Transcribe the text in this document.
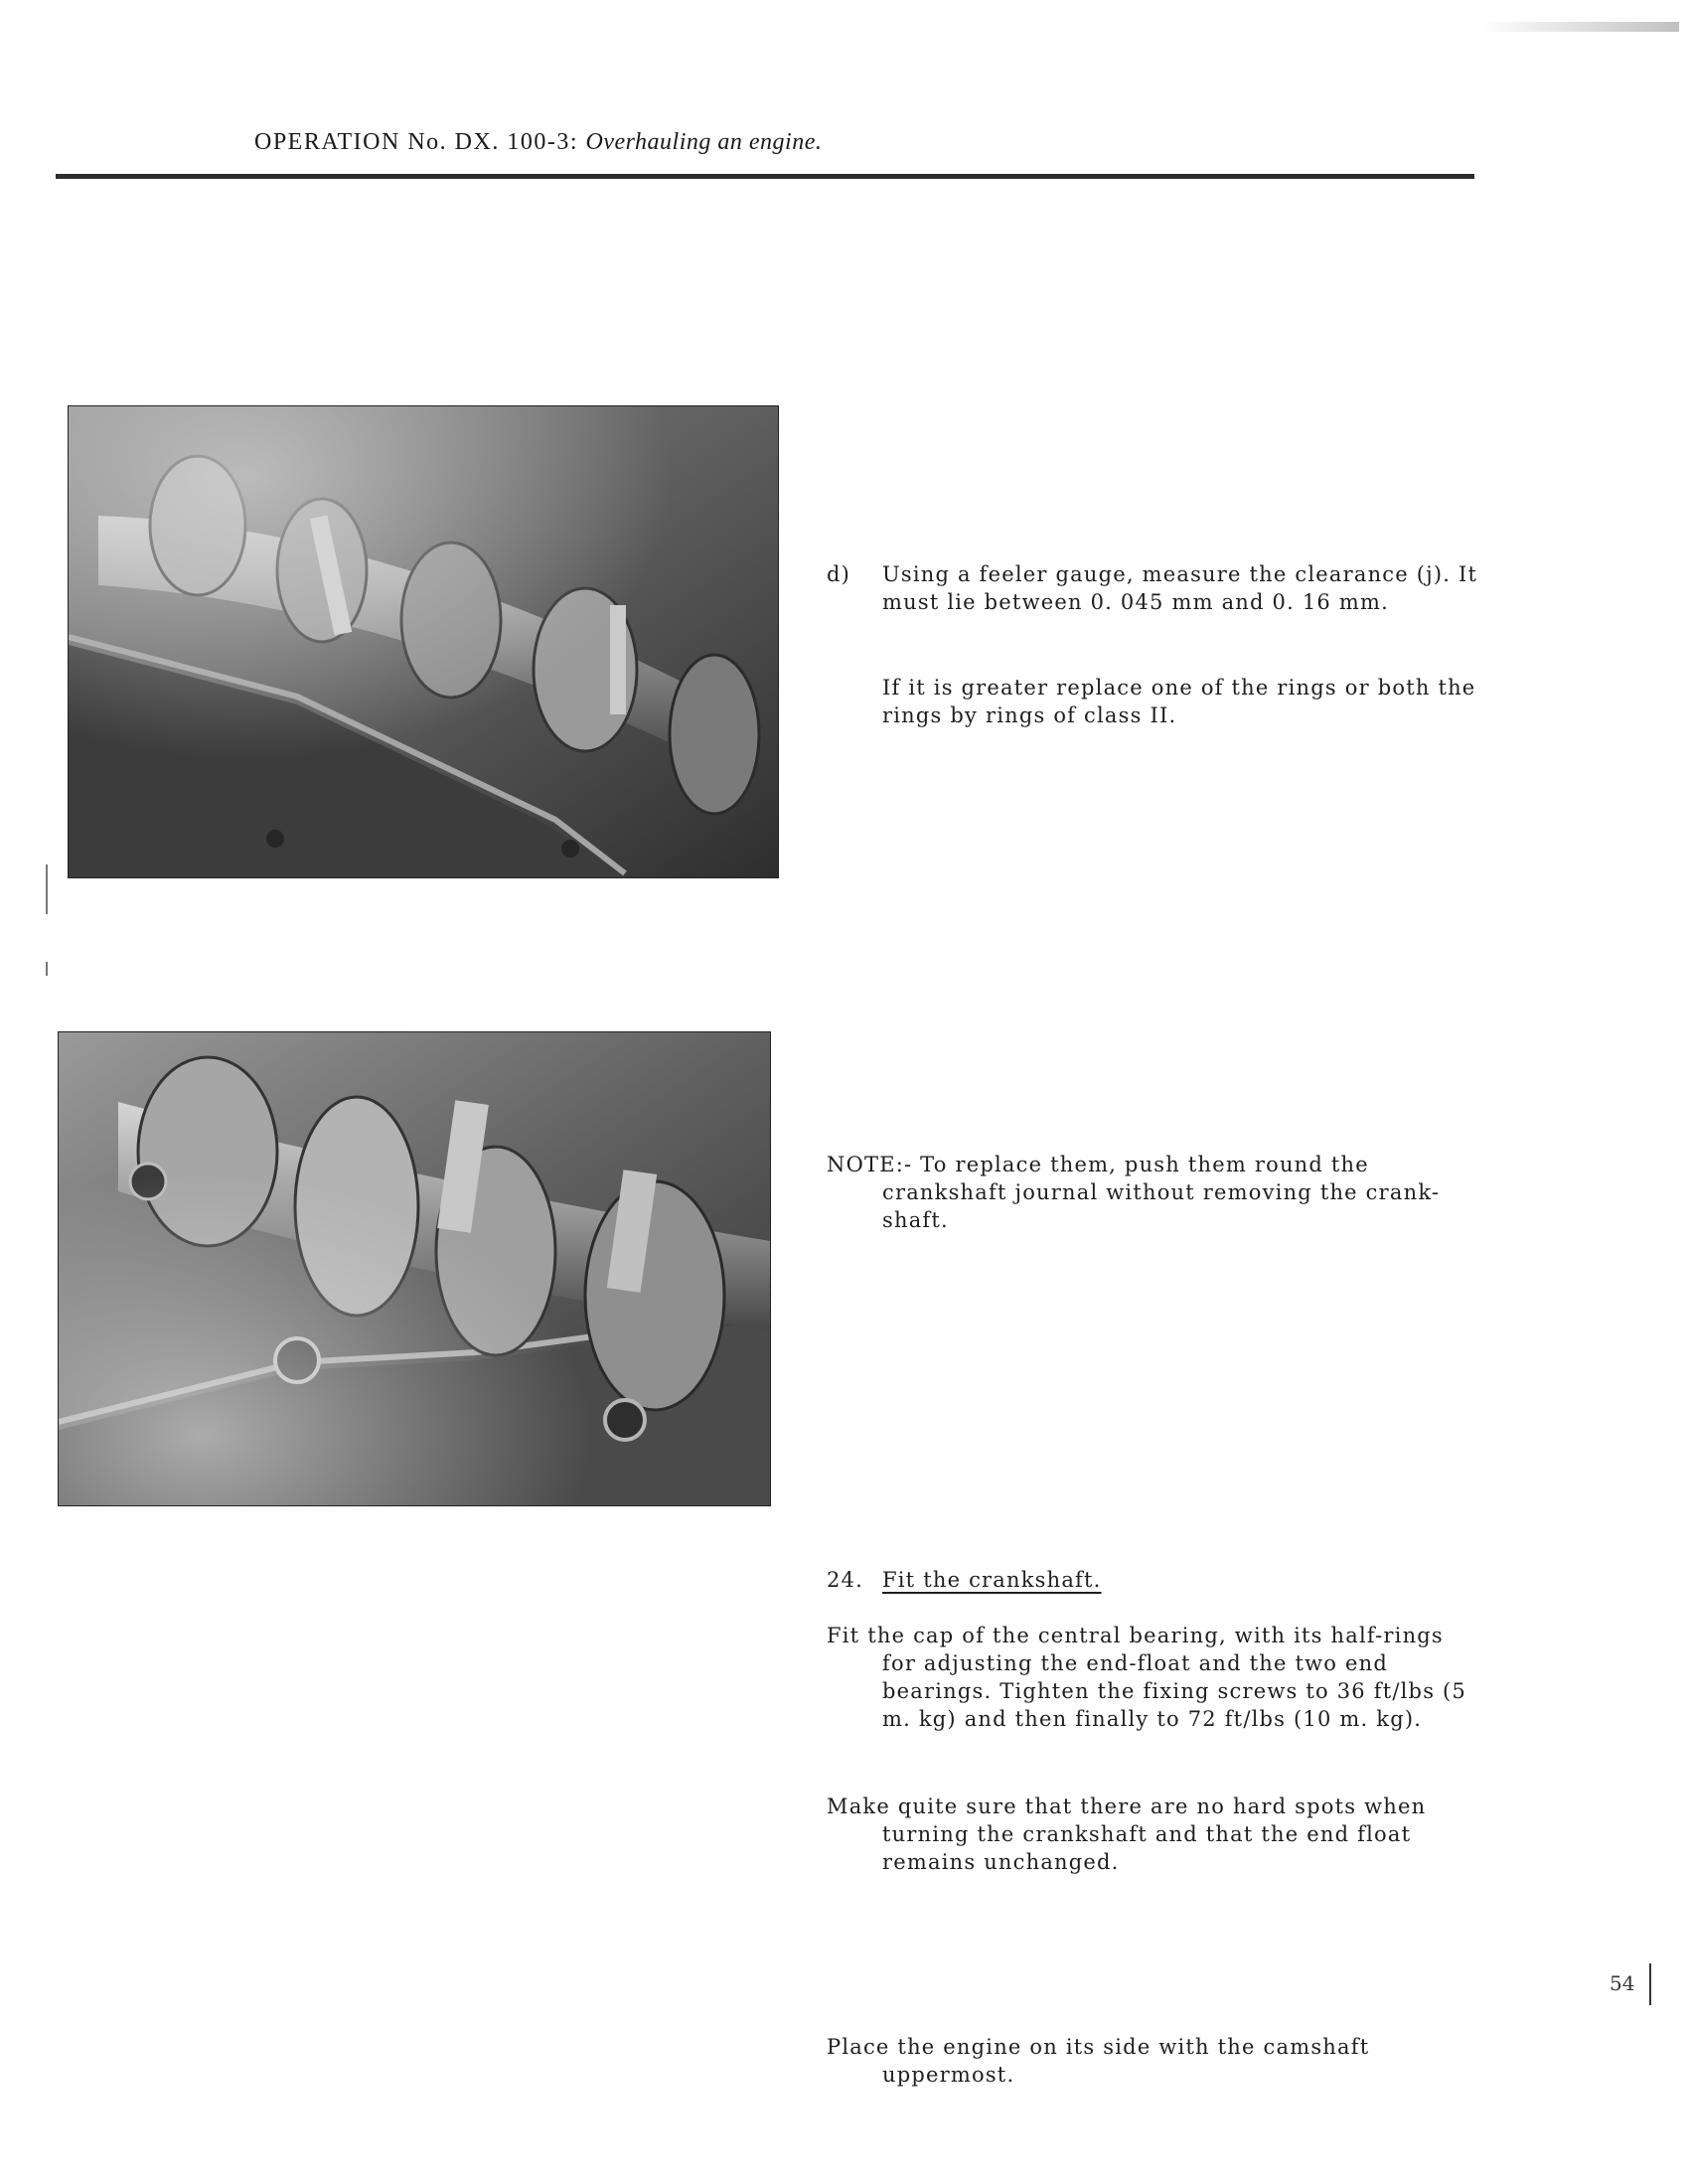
OPERATION No. DX. 100-3: Overhauling an engine.
d) Using a feeler gauge, measure the clearance (j). It must lie between 0. 045 mm and 0. 16 mm.
If it is greater replace one of the rings or both the rings by rings of class II.
NOTE:- To replace them, push them round the crankshaft journal without removing the crank-shaft.
24. Fit the crankshaft.
Fit the cap of the central bearing, with its half-rings for adjusting the end-float and the two end bearings. Tighten the fixing screws to 36 ft/lbs (5 m. kg) and then finally to 72 ft/lbs (10 m. kg).
Make quite sure that there are no hard spots when turning the crankshaft and that the end float remains unchanged.
Place the engine on its side with the camshaft uppermost.
54
